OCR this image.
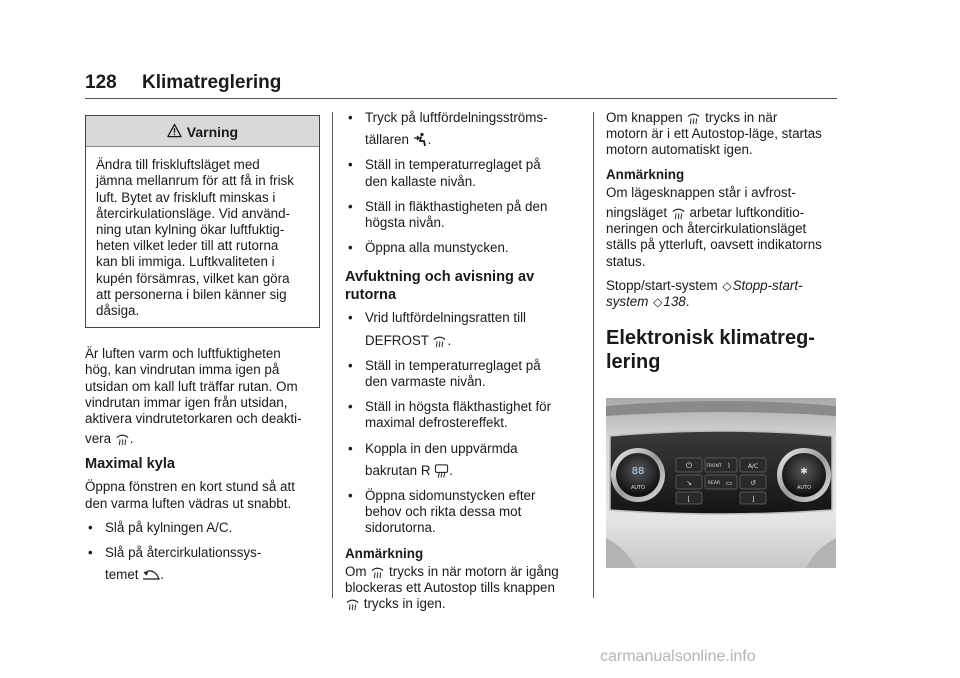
128 Klimatreglering
Varning
Ändra till friskluftsläget med
jämna mellanrum för att få in frisk
luft. Bytet av friskluft minskas i
återcirkulationsläge. Vid använd-
ning utan kylning ökar luftfuktig-
heten vilket leder till att rutorna
kan bli immiga. Luftkvaliteten i
kupén försämras, vilket kan göra
att personerna i bilen känner sig
dåsiga.

Är luften varm och luftfuktigheten
hög, kan vindrutan imma igen på
utsidan om kall luft träffar rutan. Om
vindrutan immar igen från utsidan,
aktivera vindrutetorkaren och deakti-
vera .

Maximal kyla

Öppna fönstren en kort stund så att
den varma luften vädras ut snabbt.

• Slå på kylningen A/C.
• Slå på återcirkulationssys-
temet .
• Tryck på luftfördelningsströms-
tällaren .
• Ställ in temperaturreglaget på
den kallaste nivån.
• Ställ in fläkthastigheten på den
högsta nivån.
• Öppna alla munstycken.
Avfuktning och avisning av
rutorna
• Vrid luftfördelningsratten till
DEFROST .
• Ställ in temperaturreglaget på
den varmaste nivån.
• Ställ in högsta fläkthastighet för
maximal defrostereffekt.
• Koppla in den uppvärmda
bakrutan R .
• Öppna sidomunstycken efter
behov och rikta dessa mot
sidorutorna.
Anmärkning
Om trycks in när motorn är igång
blockeras ett Autostop tills knappen
trycks in igen.

Om knappen trycks in när
motorn är i ett Autostop-läge, startas
motorn automatiskt igen.

Anmärkning

Om lägesknappen står i avfrost-
ningsläget arbetar luftkonditio-
neringen och återcirkulationsläget
ställs på ytterluft, oavsett indikatorns
status.

Stopp/start-system ◇Stopp-start-
system ◇138.

Elektronisk klimatreg-
lering
88
AUTO
✱
AUTO
⏻	FRONT ⌇	A/C
↘	REAR ▭	↺
⌊	⌋
carmanualsonline.info
